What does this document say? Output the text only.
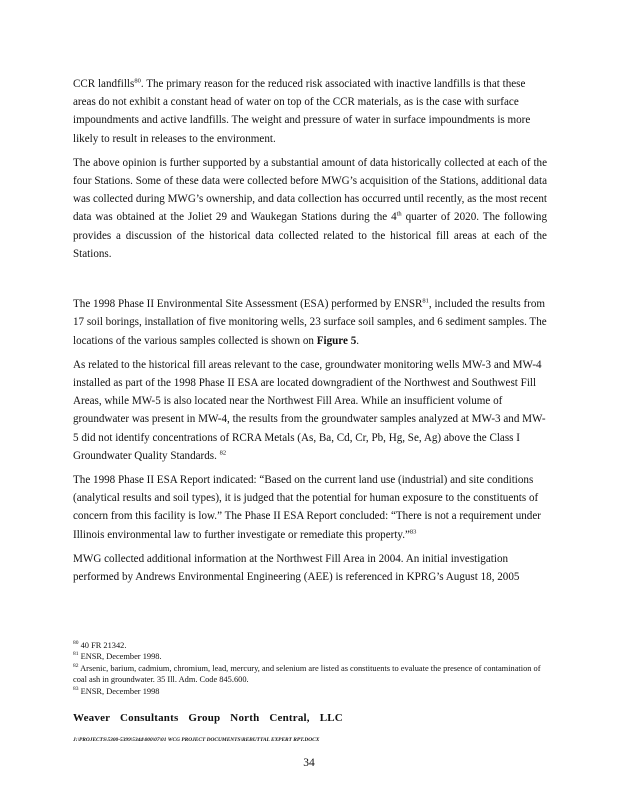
CCR landfills$^{80}$. The primary reason for the reduced risk associated with inactive landfills is that these areas do not exhibit a constant head of water on top of the CCR materials, as is the case with surface impoundments and active landfills. The weight and pressure of water in surface impoundments is more likely to result in releases to the environment.

The above opinion is further supported by a substantial amount of data historically collected at each of the four Stations. Some of these data were collected before MWG’s acquisition of the Stations, additional data was collected during MWG’s ownership, and data collection has occurred until recently, as the most recent data was obtained at the Joliet 29 and Waukegan Stations during the 4th quarter of 2020. The following provides a discussion of the historical data collected related to the historical fill areas at each of the Stations.

The 1998 Phase II Environmental Site Assessment (ESA) performed by ENSR$^{81}$, included the results from 17 soil borings, installation of five monitoring wells, 23 surface soil samples, and 6 sediment samples. The locations of the various samples collected is shown on Figure 5.

As related to the historical fill areas relevant to the case, groundwater monitoring wells MW-3 and MW-4 installed as part of the 1998 Phase II ESA are located downgradient of the Northwest and Southwest Fill Areas, while MW-5 is also located near the Northwest Fill Area. While an insufficient volume of groundwater was present in MW-4, the results from the groundwater samples analyzed at MW-3 and MW-5 did not identify concentrations of RCRA Metals (As, Ba, Cd, Cr, Pb, Hg, Se, Ag) above the Class I Groundwater Quality Standards. $^{82}$

The 1998 Phase II ESA Report indicated: “Based on the current land use (industrial) and site conditions (analytical results and soil types), it is judged that the potential for human exposure to the constituents of concern from this facility is low.” The Phase II ESA Report concluded: “There is not a requirement under Illinois environmental law to further investigate or remediate this property.”$^{83}$

MWG collected additional information at the Northwest Fill Area in 2004. An initial investigation performed by Andrews Environmental Engineering (AEE) is referenced in KPRG’s August 18, 2005

$^{80}$ 40 FR 21342.

$^{81}$ ENSR, December 1998.

$^{82}$ Arsenic, barium, cadmium, chromium, lead, mercury, and selenium are listed as constituents to evaluate the presence of contamination of coal ash in groundwater. 35 Ill. Adm. Code 845.600.

$^{83}$ ENSR, December 1998

Weaver Consultants Group North Central, LLC
J:\PROJECTS\5300-5399\5344\000\07\01 WCG PROJECT DOCUMENTS\REBUTTAL EXPERT RPT.DOCX
34
